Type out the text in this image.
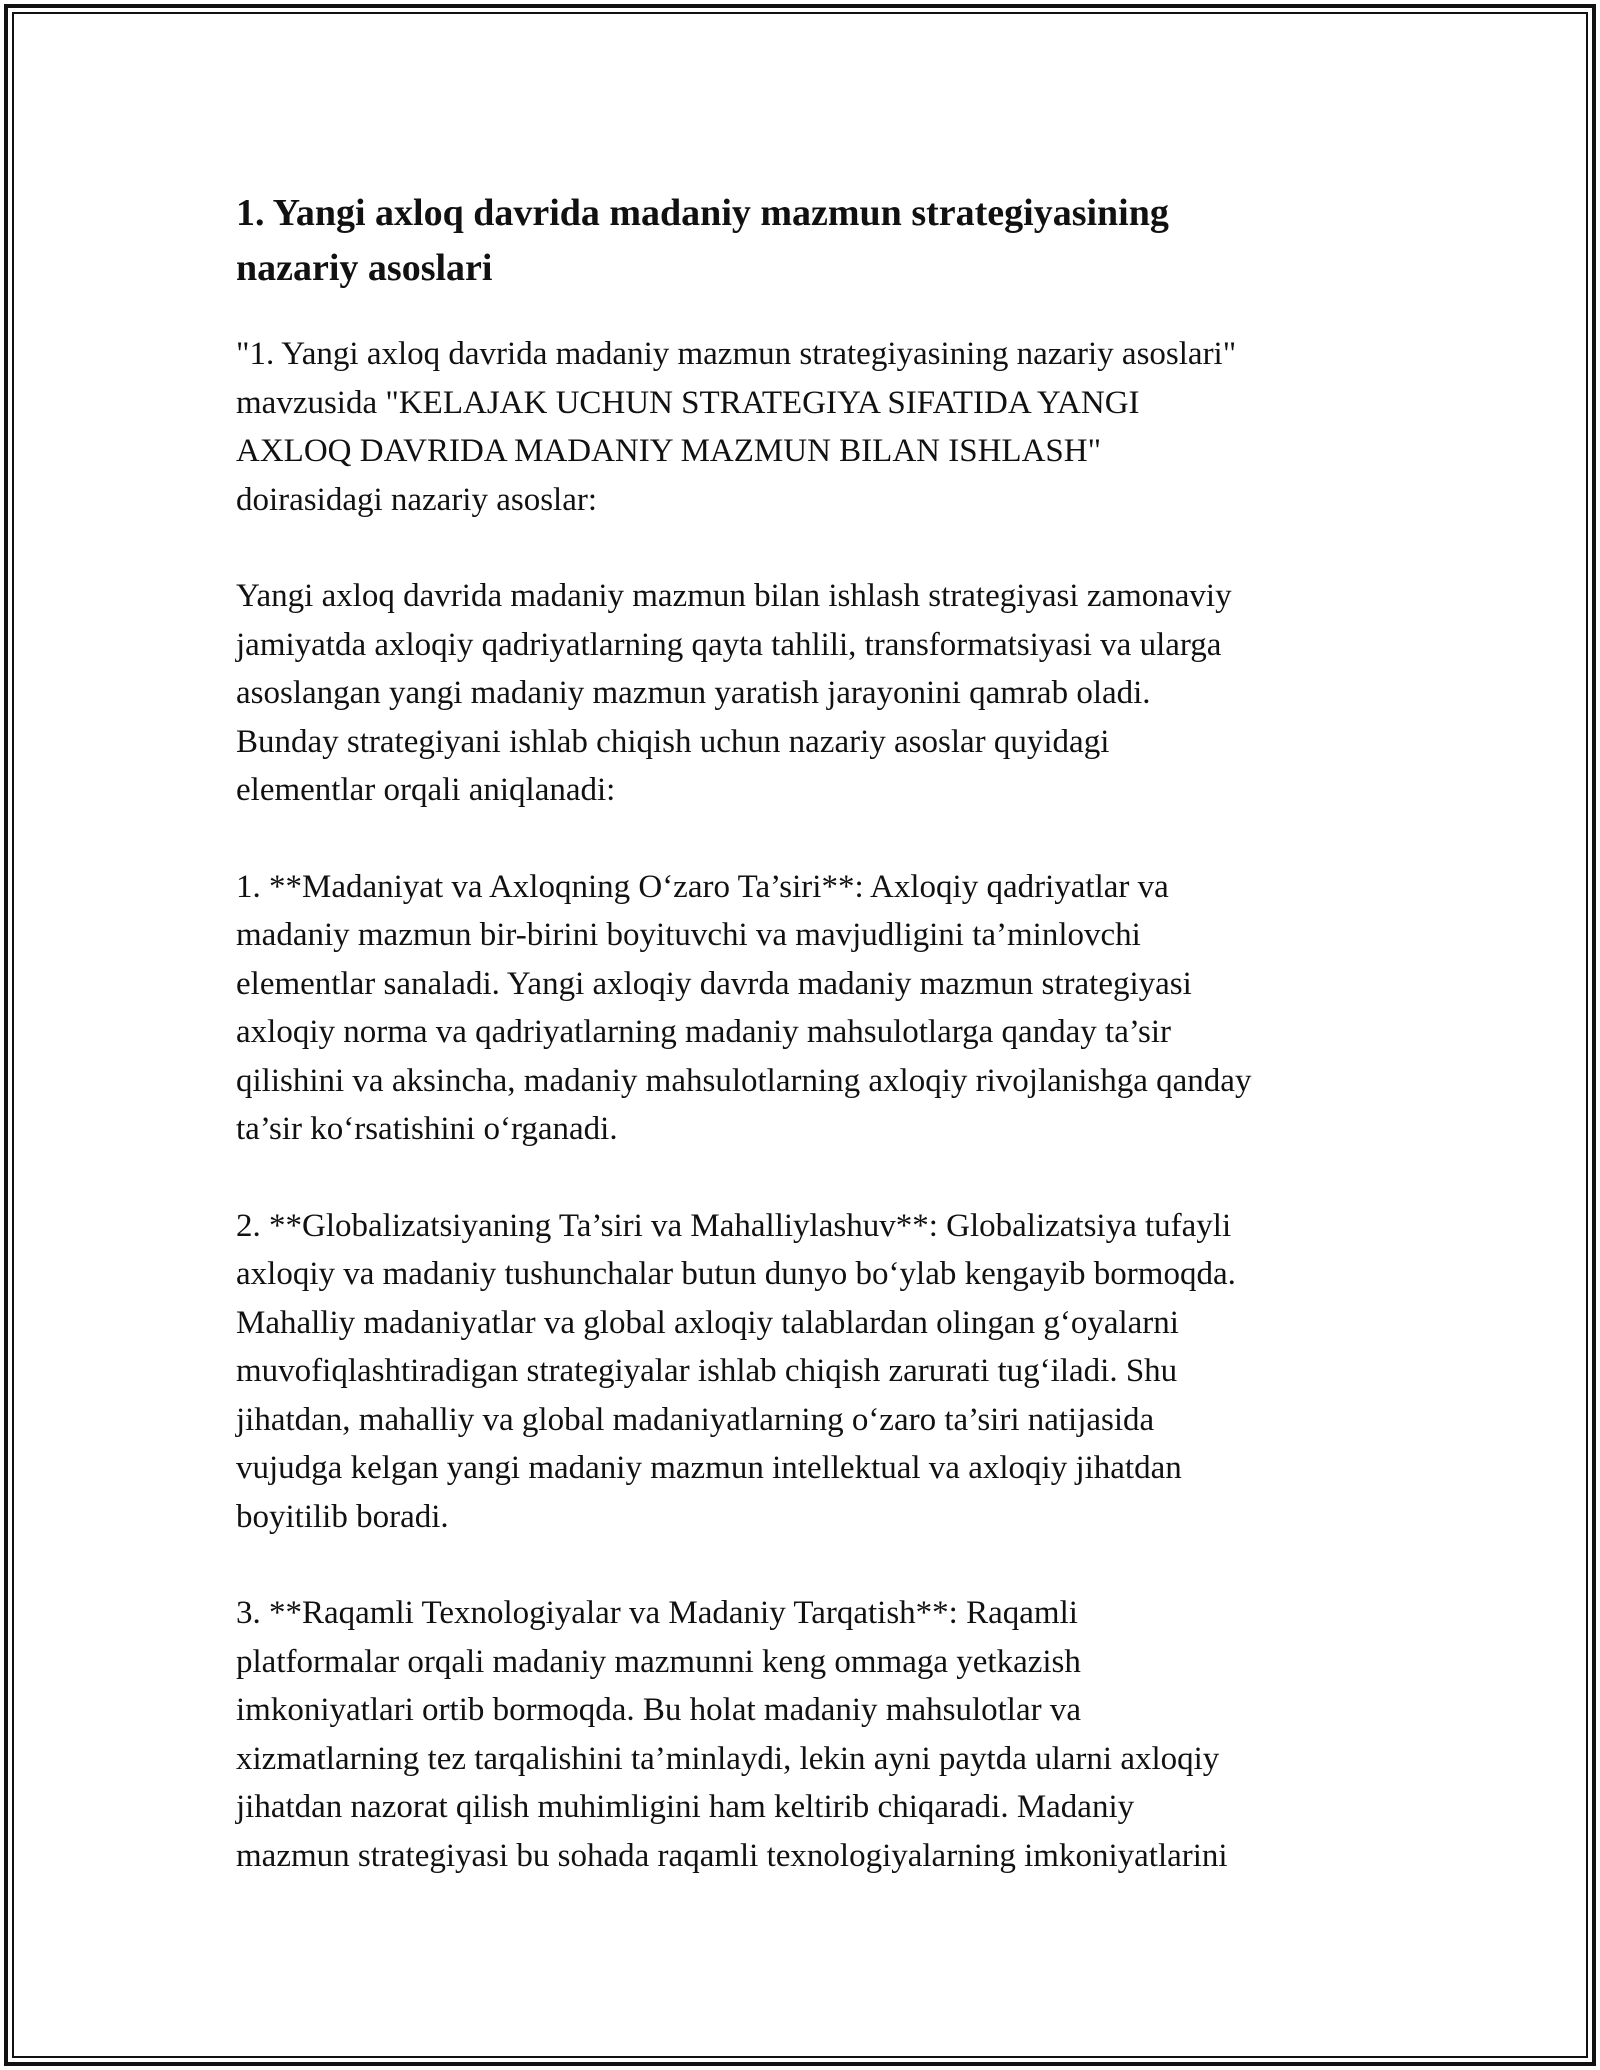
1. Yangi axloq davrida madaniy mazmun strategiyasining
nazariy asoslari

"1. Yangi axloq davrida madaniy mazmun strategiyasining nazariy asoslari"
mavzusida "KELAJAK UCHUN STRATEGIYA SIFATIDA YANGI
AXLOQ DAVRIDA MADANIY MAZMUN BILAN ISHLASH"
doirasidagi nazariy asoslar:

Yangi axloq davrida madaniy mazmun bilan ishlash strategiyasi zamonaviy
jamiyatda axloqiy qadriyatlarning qayta tahlili, transformatsiyasi va ularga
asoslangan yangi madaniy mazmun yaratish jarayonini qamrab oladi.
Bunday strategiyani ishlab chiqish uchun nazariy asoslar quyidagi
elementlar orqali aniqlanadi:

1. **Madaniyat va Axloqning O‘zaro Ta’siri**: Axloqiy qadriyatlar va
madaniy mazmun bir-birini boyituvchi va mavjudligini ta’minlovchi
elementlar sanaladi. Yangi axloqiy davrda madaniy mazmun strategiyasi
axloqiy norma va qadriyatlarning madaniy mahsulotlarga qanday ta’sir
qilishini va aksincha, madaniy mahsulotlarning axloqiy rivojlanishga qanday
ta’sir ko‘rsatishini o‘rganadi.

2. **Globalizatsiyaning Ta’siri va Mahalliylashuv**: Globalizatsiya tufayli
axloqiy va madaniy tushunchalar butun dunyo bo‘ylab kengayib bormoqda.
Mahalliy madaniyatlar va global axloqiy talablardan olingan g‘oyalarni
muvofiqlashtiradigan strategiyalar ishlab chiqish zarurati tug‘iladi. Shu
jihatdan, mahalliy va global madaniyatlarning o‘zaro ta’siri natijasida
vujudga kelgan yangi madaniy mazmun intellektual va axloqiy jihatdan
boyitilib boradi.

3. **Raqamli Texnologiyalar va Madaniy Tarqatish**: Raqamli
platformalar orqali madaniy mazmunni keng ommaga yetkazish
imkoniyatlari ortib bormoqda. Bu holat madaniy mahsulotlar va
xizmatlarning tez tarqalishini ta’minlaydi, lekin ayni paytda ularni axloqiy
jihatdan nazorat qilish muhimligini ham keltirib chiqaradi. Madaniy
mazmun strategiyasi bu sohada raqamli texnologiyalarning imkoniyatlarini
